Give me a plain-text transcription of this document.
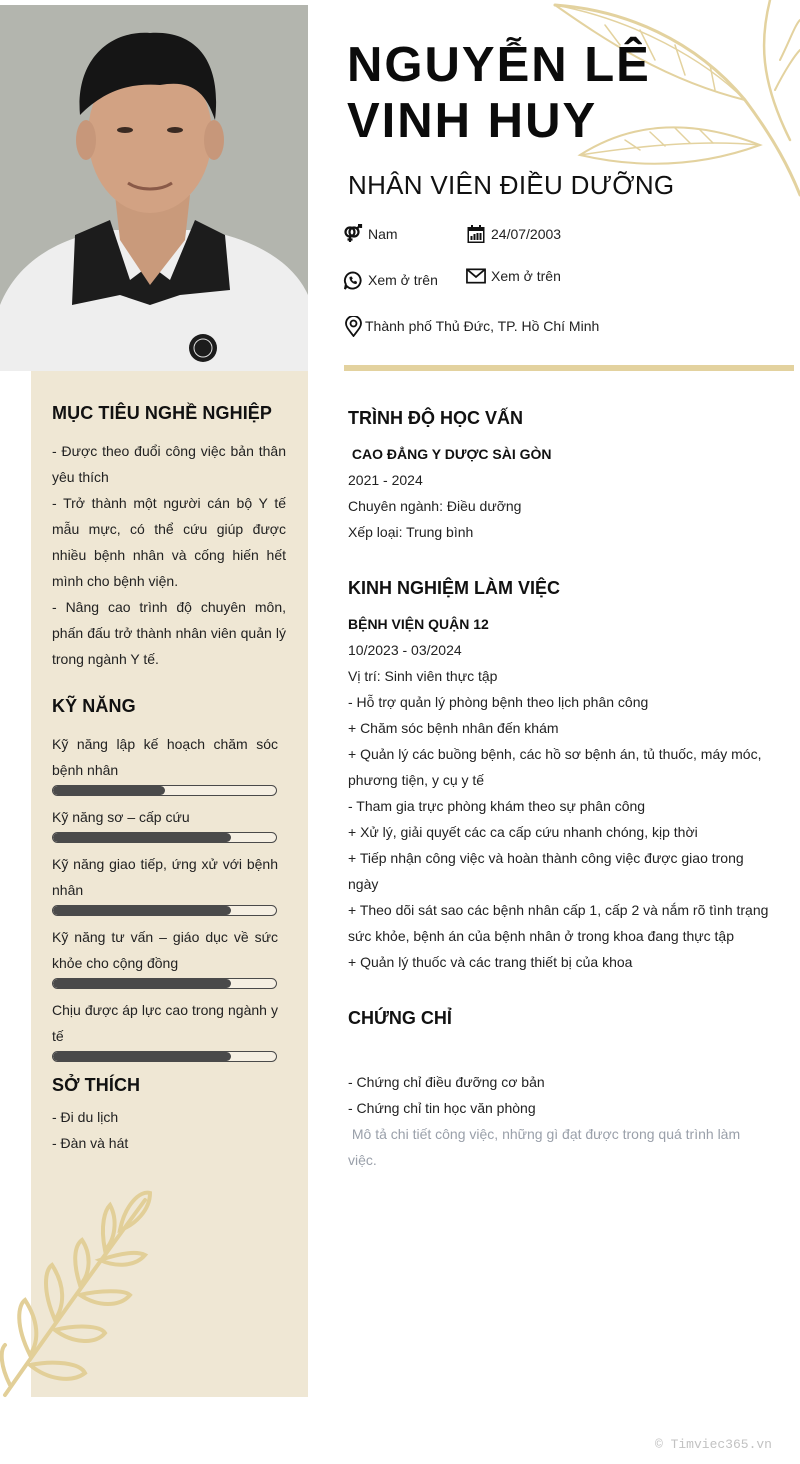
NGUYỄN LÊ
VINH HUY
NHÂN VIÊN ĐIỀU DƯỠNG
Nam	24/07/2003
Xem ở trên	Xem ở trên
Thành phố Thủ Đức, TP. Hồ Chí Minh
MỤC TIÊU NGHỀ NGHIỆP

- Được theo đuổi công việc bản thân yêu thích
- Trở thành một người cán bộ Y tế mẫu mực, có thể cứu giúp được nhiều bệnh nhân và cống hiến hết mình cho bệnh viện.
- Nâng cao trình độ chuyên môn, phấn đấu trở thành nhân viên quản lý trong ngành Y tế.

KỸ NĂNG
Kỹ năng lập kế hoạch chăm sóc bệnh nhân
Kỹ năng sơ – cấp cứu
Kỹ năng giao tiếp, ứng xử với bệnh nhân
Kỹ năng tư vấn – giáo dục về sức khỏe cho cộng đồng
Chịu được áp lực cao trong ngành y tế
SỞ THÍCH
- Đi du lịch
- Đàn và hát
TRÌNH ĐỘ HỌC VẤN
CAO ĐẲNG Y DƯỢC SÀI GÒN
2021 - 2024
Chuyên ngành: Điều dưỡng
Xếp loại: Trung bình
KINH NGHIỆM LÀM VIỆC
BỆNH VIỆN QUẬN 12
10/2023 - 03/2024
Vị trí: Sinh viên thực tập
- Hỗ trợ quản lý phòng bệnh theo lịch phân công
+ Chăm sóc bệnh nhân đến khám
+ Quản lý các buồng bệnh, các hồ sơ bệnh án, tủ thuốc, máy móc, phương tiện, y cụ y tế
- Tham gia trực phòng khám theo sự phân công
+ Xử lý, giải quyết các ca cấp cứu nhanh chóng, kịp thời
+ Tiếp nhận công việc và hoàn thành công việc được giao trong ngày
+ Theo dõi sát sao các bệnh nhân cấp 1, cấp 2 và nắm rõ tình trạng sức khỏe, bệnh án của bệnh nhân ở trong khoa đang thực tập
+ Quản lý thuốc và các trang thiết bị của khoa
CHỨNG CHỈ
- Chứng chỉ điều đưỡng cơ bản
- Chứng chỉ tin học văn phòng
Mô tả chi tiết công việc, những gì đạt được trong quá trình làm việc.
© Timviec365.vn
